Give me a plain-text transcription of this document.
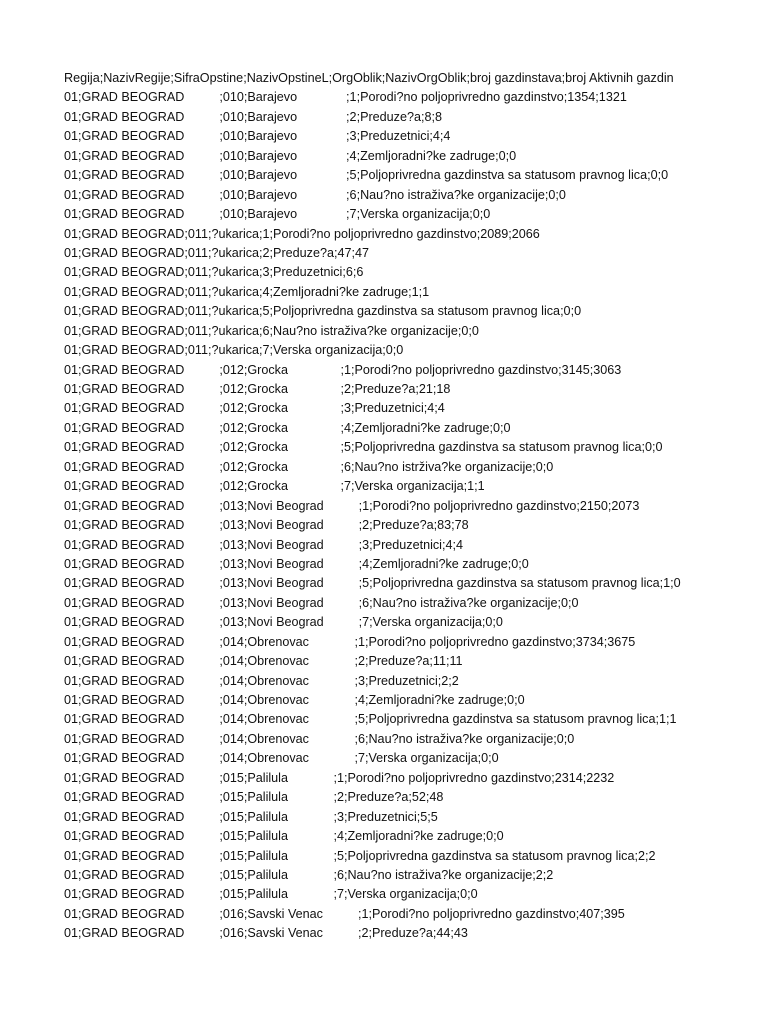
Regija;NazivRegije;SifraOpstine;NazivOpstineL;OrgOblik;NazivOrgOblik;broj gazdinstava;broj Aktivnih gazdin
01;GRAD BEOGRAD          ;010;Barajevo              ;1;Porodi?no poljoprivredno gazdinstvo;1354;1321
01;GRAD BEOGRAD          ;010;Barajevo              ;2;Preduze?a;8;8
01;GRAD BEOGRAD          ;010;Barajevo              ;3;Preduzetnici;4;4
01;GRAD BEOGRAD          ;010;Barajevo              ;4;Zemljoradni?ke zadruge;0;0
01;GRAD BEOGRAD          ;010;Barajevo              ;5;Poljoprivredna gazdinstva sa statusom pravnog lica;0;0
01;GRAD BEOGRAD          ;010;Barajevo              ;6;Nau?no istraživa?ke organizacije;0;0
01;GRAD BEOGRAD          ;010;Barajevo              ;7;Verska organizacija;0;0
01;GRAD BEOGRAD;011;?ukarica;1;Porodi?no poljoprivredno gazdinstvo;2089;2066
01;GRAD BEOGRAD;011;?ukarica;2;Preduze?a;47;47
01;GRAD BEOGRAD;011;?ukarica;3;Preduzetnici;6;6
01;GRAD BEOGRAD;011;?ukarica;4;Zemljoradni?ke zadruge;1;1
01;GRAD BEOGRAD;011;?ukarica;5;Poljoprivredna gazdinstva sa statusom pravnog lica;0;0
01;GRAD BEOGRAD;011;?ukarica;6;Nau?no istraživa?ke organizacije;0;0
01;GRAD BEOGRAD;011;?ukarica;7;Verska organizacija;0;0
01;GRAD BEOGRAD          ;012;Grocka               ;1;Porodi?no poljoprivredno gazdinstvo;3145;3063
01;GRAD BEOGRAD          ;012;Grocka               ;2;Preduze?a;21;18
01;GRAD BEOGRAD          ;012;Grocka               ;3;Preduzetnici;4;4
01;GRAD BEOGRAD          ;012;Grocka               ;4;Zemljoradni?ke zadruge;0;0
01;GRAD BEOGRAD          ;012;Grocka               ;5;Poljoprivredna gazdinstva sa statusom pravnog lica;0;0
01;GRAD BEOGRAD          ;012;Grocka               ;6;Nau?no istrživa?ke organizacije;0;0
01;GRAD BEOGRAD          ;012;Grocka               ;7;Verska organizacija;1;1
01;GRAD BEOGRAD          ;013;Novi Beograd          ;1;Porodi?no poljoprivredno gazdinstvo;2150;2073
01;GRAD BEOGRAD          ;013;Novi Beograd          ;2;Preduze?a;83;78
01;GRAD BEOGRAD          ;013;Novi Beograd          ;3;Preduzetnici;4;4
01;GRAD BEOGRAD          ;013;Novi Beograd          ;4;Zemljoradni?ke zadruge;0;0
01;GRAD BEOGRAD          ;013;Novi Beograd          ;5;Poljoprivredna gazdinstva sa statusom pravnog lica;1;0
01;GRAD BEOGRAD          ;013;Novi Beograd          ;6;Nau?no istraživa?ke organizacije;0;0
01;GRAD BEOGRAD          ;013;Novi Beograd          ;7;Verska organizacija;0;0
01;GRAD BEOGRAD          ;014;Obrenovac             ;1;Porodi?no poljoprivredno gazdinstvo;3734;3675
01;GRAD BEOGRAD          ;014;Obrenovac             ;2;Preduze?a;11;11
01;GRAD BEOGRAD          ;014;Obrenovac             ;3;Preduzetnici;2;2
01;GRAD BEOGRAD          ;014;Obrenovac             ;4;Zemljoradni?ke zadruge;0;0
01;GRAD BEOGRAD          ;014;Obrenovac             ;5;Poljoprivredna gazdinstva sa statusom pravnog lica;1;1
01;GRAD BEOGRAD          ;014;Obrenovac             ;6;Nau?no istraživa?ke organizacije;0;0
01;GRAD BEOGRAD          ;014;Obrenovac             ;7;Verska organizacija;0;0
01;GRAD BEOGRAD          ;015;Palilula             ;1;Porodi?no poljoprivredno gazdinstvo;2314;2232
01;GRAD BEOGRAD          ;015;Palilula             ;2;Preduze?a;52;48
01;GRAD BEOGRAD          ;015;Palilula             ;3;Preduzetnici;5;5
01;GRAD BEOGRAD          ;015;Palilula             ;4;Zemljoradni?ke zadruge;0;0
01;GRAD BEOGRAD          ;015;Palilula             ;5;Poljoprivredna gazdinstva sa statusom pravnog lica;2;2
01;GRAD BEOGRAD          ;015;Palilula             ;6;Nau?no istraživa?ke organizacije;2;2
01;GRAD BEOGRAD          ;015;Palilula             ;7;Verska organizacija;0;0
01;GRAD BEOGRAD          ;016;Savski Venac          ;1;Porodi?no poljoprivredno gazdinstvo;407;395
01;GRAD BEOGRAD          ;016;Savski Venac          ;2;Preduze?a;44;43
